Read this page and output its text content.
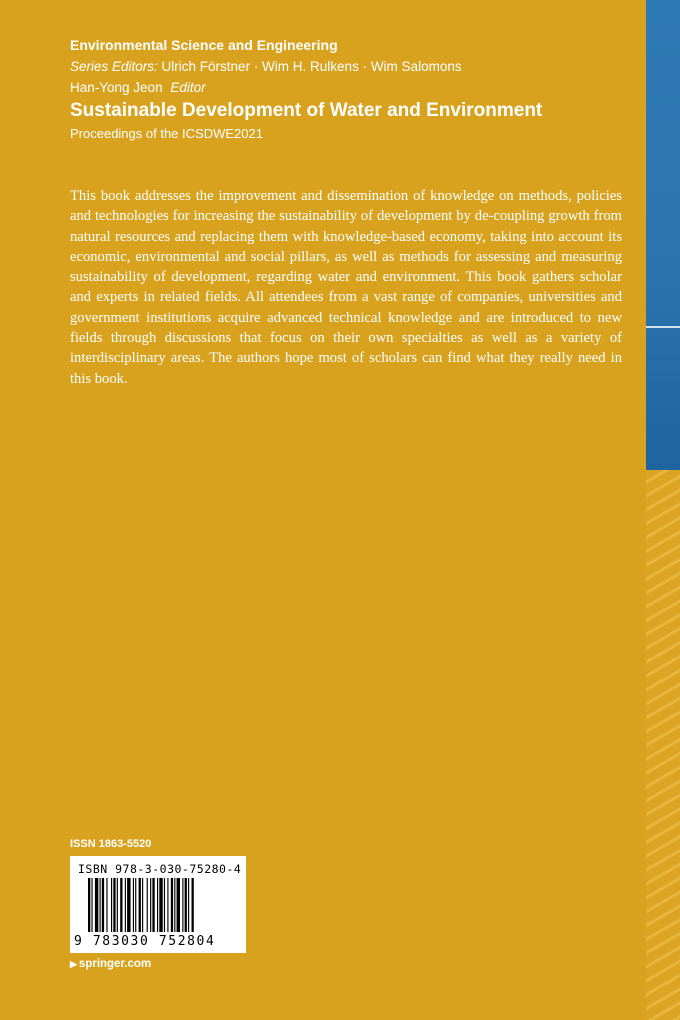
Environmental Science and Engineering
Series Editors: Ulrich Förstner · Wim H. Rulkens · Wim Salomons
Han-Yong Jeon Editor
Sustainable Development of Water and Environment
Proceedings of the ICSDWE2021
This book addresses the improvement and dissemination of knowledge on methods, policies and technologies for increasing the sustainability of development by de-coupling growth from natural resources and replacing them with knowledge-based economy, taking into account its economic, environmental and social pillars, as well as methods for assessing and measuring sustainability of development, regarding water and environment. This book gathers scholar and experts in related fields. All attendees from a vast range of companies, universities and government institutions acquire advanced technical knowledge and are introduced to new fields through discussions that focus on their own specialties as well as a variety of interdisciplinary areas. The authors hope most of scholars can find what they really need in this book.
ISSN 1863-5520
ISBN 978-3-030-75280-4
9 783030 752804
▶ springer.com
